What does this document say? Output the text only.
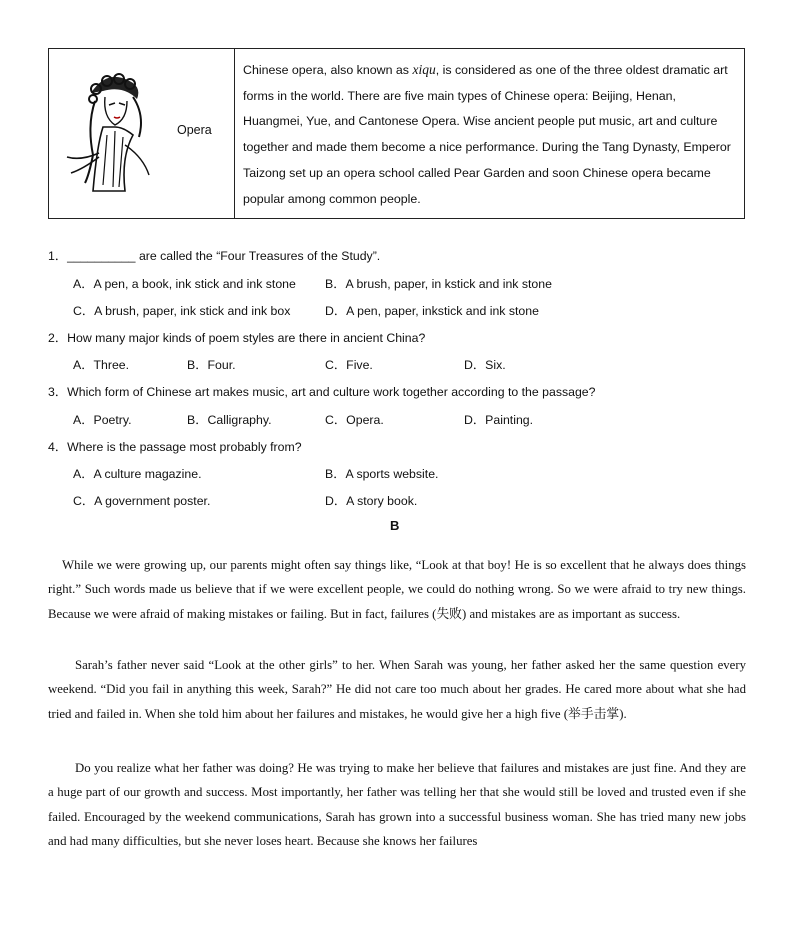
Opera
Chinese opera, also known as xiqu, is considered as one of the three oldest dramatic art forms in the world. There are five main types of Chinese opera: Beijing, Henan, Huangmei, Yue, and Cantonese Opera. Wise ancient people put music, art and culture together and made them become a nice performance. During the Tang Dynasty, Emperor Taizong set up an opera school called Pear Garden and soon Chinese opera became popular among common people.
1．__________ are called the “Four Treasures of the Study”.
A．A pen, a book, ink stick and ink stone B．A brush, paper, in kstick and ink stone
C．A brush, paper, ink stick and ink box	D．A pen, paper, inkstick and ink stone
2．How many major kinds of poem styles are there in ancient China?
A．Three.	B．Four.	C．Five.	D．Six.
3．Which form of Chinese art makes music, art and culture work together according to the passage?
A．Poetry.	B．Calligraphy.	C．Opera.	D．Painting.
4．Where is the passage most probably from?
A．A culture magazine.	B．A sports website.
C．A government poster.	D．A story book.
B

While we were growing up, our parents might often say things like, “Look at that boy! He is so excellent that he always does things right.” Such words made us believe that if we were excellent people, we could do nothing wrong. So we were afraid to try new things. Because we were afraid of making mistakes or failing. But in fact, failures (失败) and mistakes are as important as success.

Sarah’s father never said “Look at the other girls” to her. When Sarah was young, her father asked her the same question every weekend. “Did you fail in anything this week, Sarah?” He did not care too much about her grades. He cared more about what she had tried and failed in. When she told him about her failures and mistakes, he would give her a high five (举手击掌).

Do you realize what her father was doing? He was trying to make her believe that failures and mistakes are just fine. And they are a huge part of our growth and success. Most importantly, her father was telling her that she would still be loved and trusted even if she failed. Encouraged by the weekend communications, Sarah has grown into a successful business woman. She has tried many new jobs and had many difficulties, but she never loses heart. Because she knows her failures
